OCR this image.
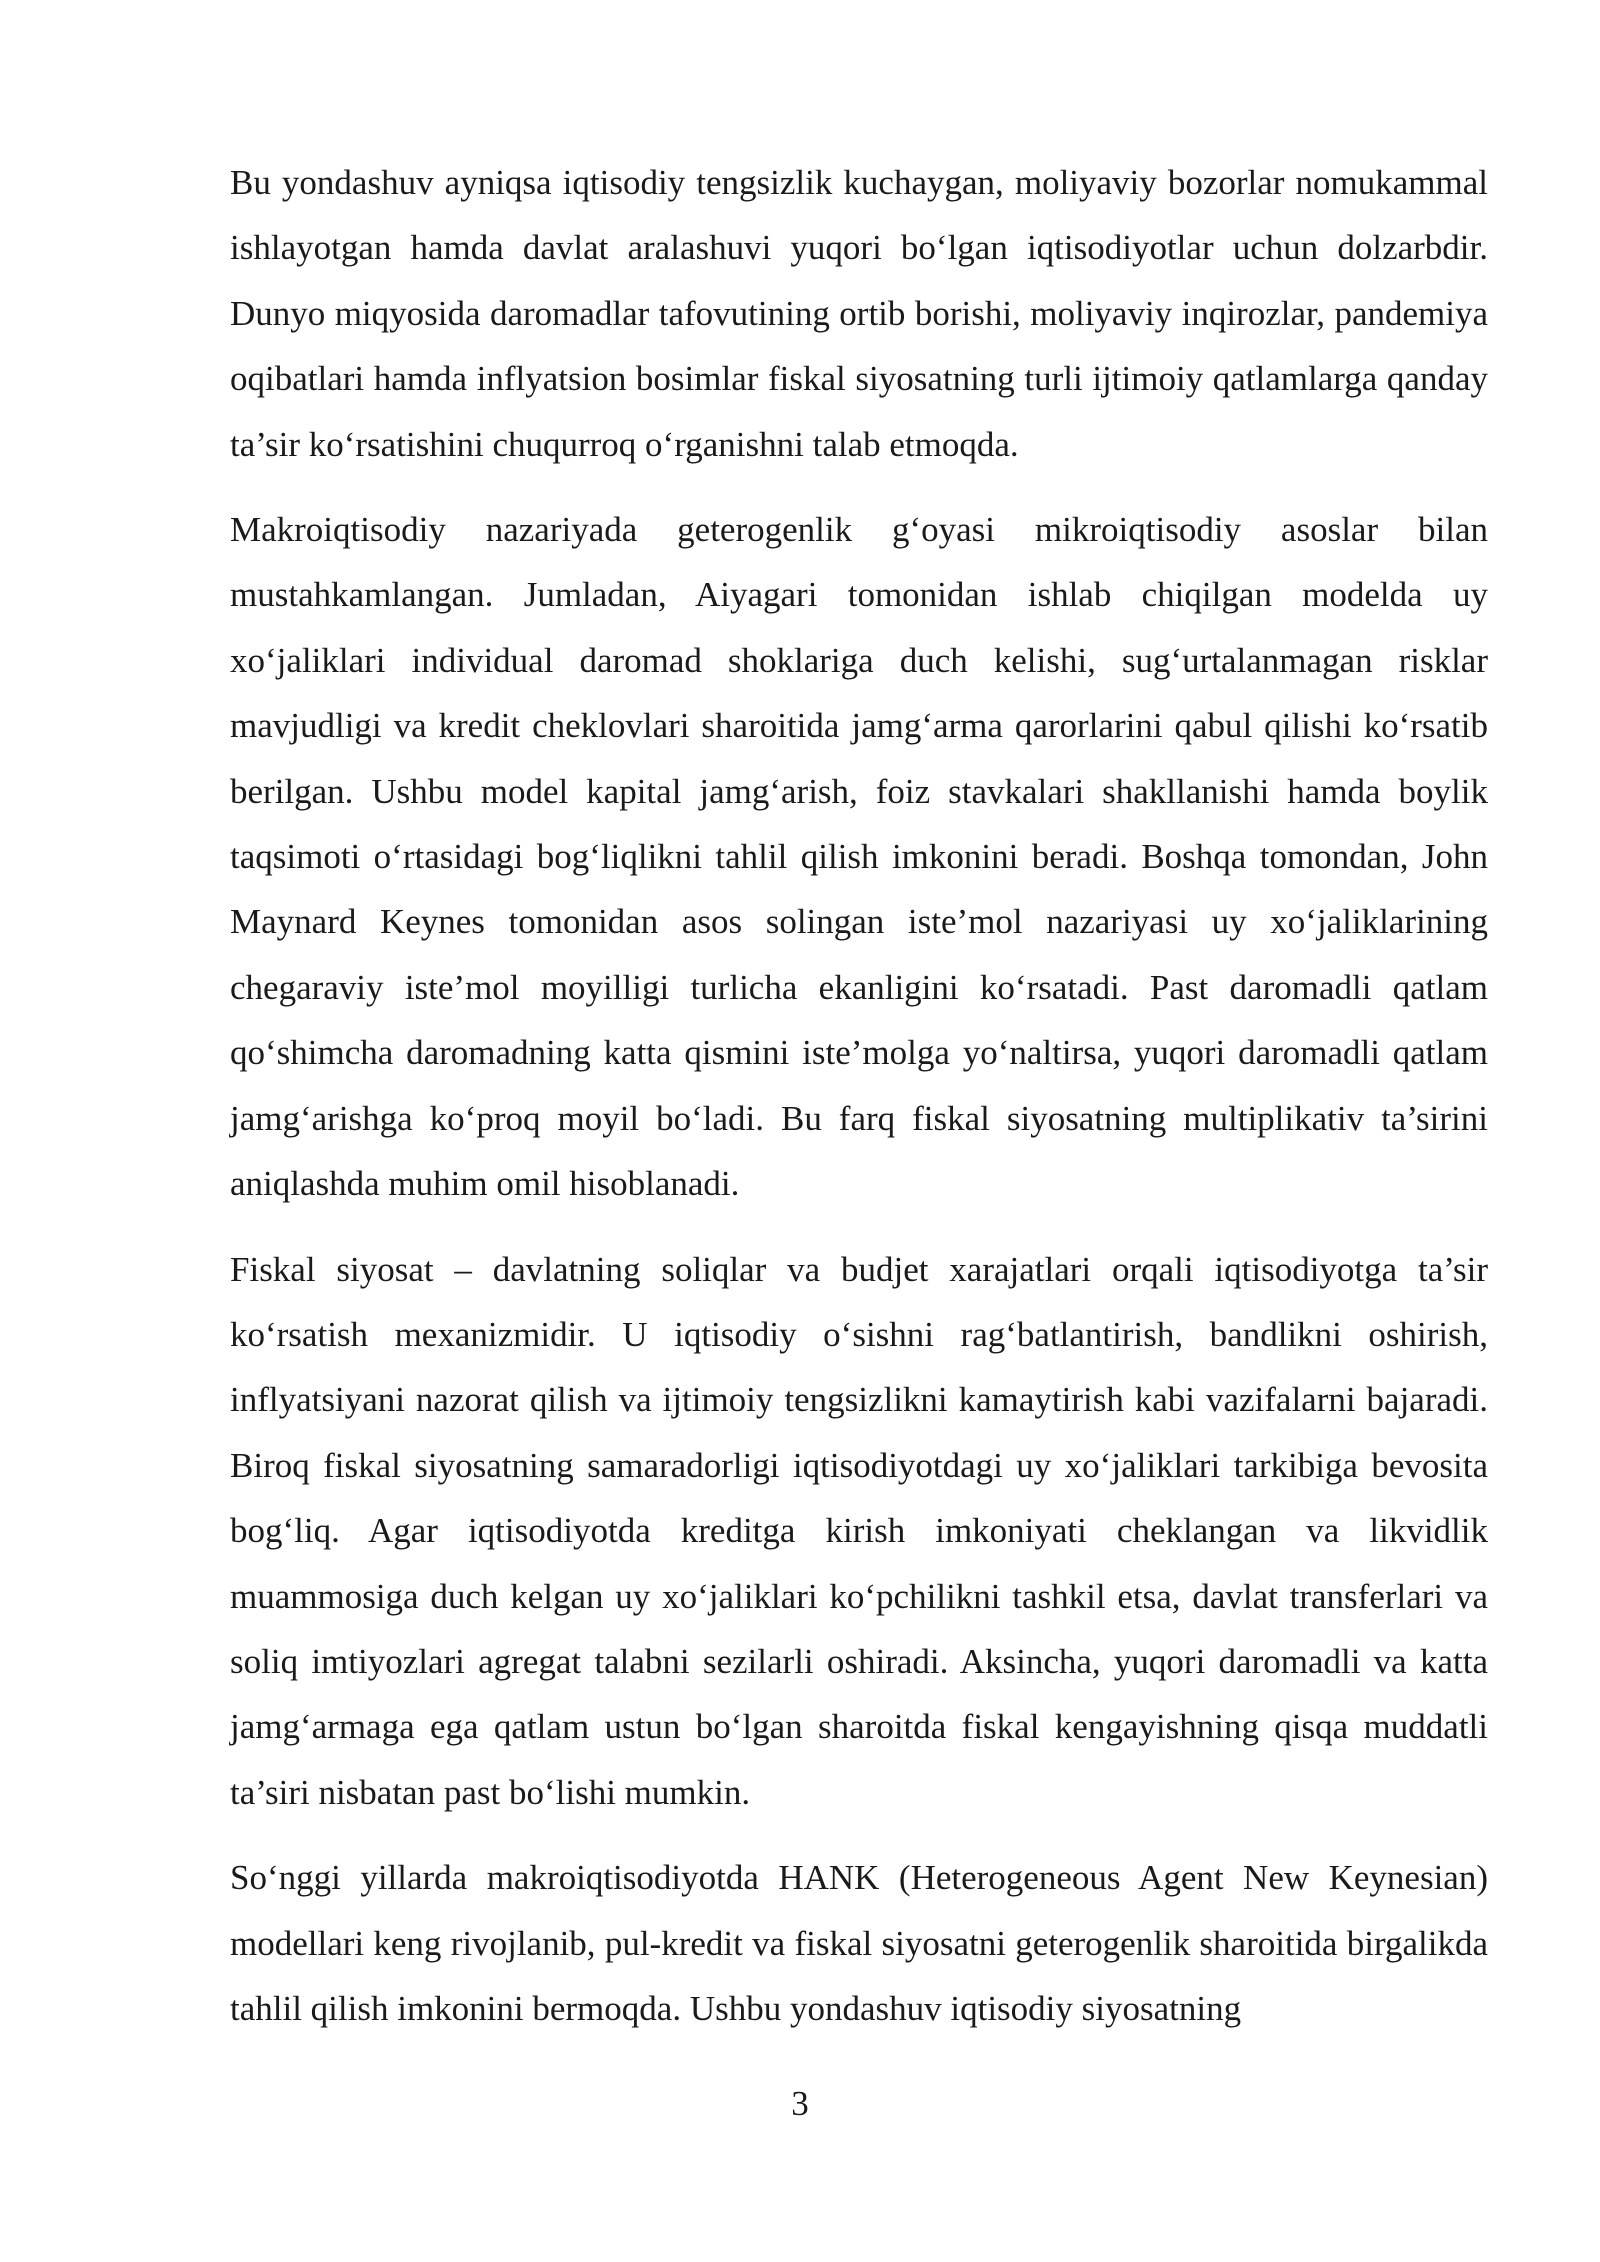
Bu yondashuv ayniqsa iqtisodiy tengsizlik kuchaygan, moliyaviy bozorlar nomukammal ishlayotgan hamda davlat aralashuvi yuqori bo‘lgan iqtisodiyotlar uchun dolzarbdir. Dunyo miqyosida daromadlar tafovutining ortib borishi, moliyaviy inqirozlar, pandemiya oqibatlari hamda inflyatsion bosimlar fiskal siyosatning turli ijtimoiy qatlamlarga qanday ta’sir ko‘rsatishini chuqurroq o‘rganishni talab etmoqda.

Makroiqtisodiy nazariyada geterogenlik g‘oyasi mikroiqtisodiy asoslar bilan mustahkamlangan. Jumladan, Aiyagari tomonidan ishlab chiqilgan modelda uy xo‘jaliklari individual daromad shoklariga duch kelishi, sug‘urtalanmagan risklar mavjudligi va kredit cheklovlari sharoitida jamg‘arma qarorlarini qabul qilishi ko‘rsatib berilgan. Ushbu model kapital jamg‘arish, foiz stavkalari shakllanishi hamda boylik taqsimoti o‘rtasidagi bog‘liqlikni tahlil qilish imkonini beradi. Boshqa tomondan, John Maynard Keynes tomonidan asos solingan iste’mol nazariyasi uy xo‘jaliklarining chegaraviy iste’mol moyilligi turlicha ekanligini ko‘rsatadi. Past daromadli qatlam qo‘shimcha daromadning katta qismini iste’molga yo‘naltirsa, yuqori daromadli qatlam jamg‘arishga ko‘proq moyil bo‘ladi. Bu farq fiskal siyosatning multiplikativ ta’sirini aniqlashda muhim omil hisoblanadi.

Fiskal siyosat – davlatning soliqlar va budjet xarajatlari orqali iqtisodiyotga ta’sir ko‘rsatish mexanizmidir. U iqtisodiy o‘sishni rag‘batlantirish, bandlikni oshirish, inflyatsiyani nazorat qilish va ijtimoiy tengsizlikni kamaytirish kabi vazifalarni bajaradi. Biroq fiskal siyosatning samaradorligi iqtisodiyotdagi uy xo‘jaliklari tarkibiga bevosita bog‘liq. Agar iqtisodiyotda kreditga kirish imkoniyati cheklangan va likvidlik muammosiga duch kelgan uy xo‘jaliklari ko‘pchilikni tashkil etsa, davlat transferlari va soliq imtiyozlari agregat talabni sezilarli oshiradi. Aksincha, yuqori daromadli va katta jamg‘armaga ega qatlam ustun bo‘lgan sharoitda fiskal kengayishning qisqa muddatli ta’siri nisbatan past bo‘lishi mumkin.

So‘nggi yillarda makroiqtisodiyotda HANK (Heterogeneous Agent New Keynesian) modellari keng rivojlanib, pul-kredit va fiskal siyosatni geterogenlik sharoitida birgalikda tahlil qilish imkonini bermoqda. Ushbu yondashuv iqtisodiy siyosatning

3
